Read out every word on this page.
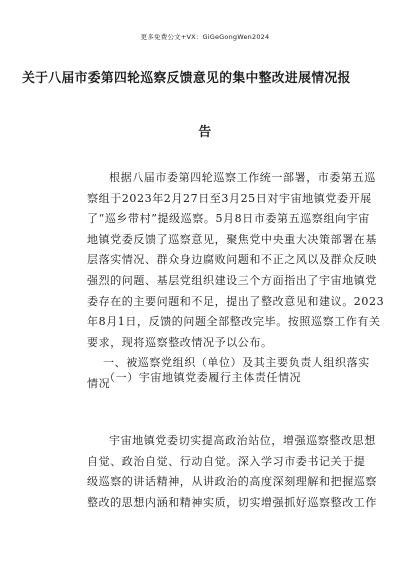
更多免费公文+VX：GiGeGongWen2024
关于八届市委第四轮巡察反馈意见的集中整改进展情况报
告
根据八届市委第四轮巡察工作统一部署，市委第五巡
察组于2023年2月27日至3月25日对宇宙地镇党委开展
了“巡乡带村”提级巡察。5月8日市委第五巡察组向宇宙
地镇党委反馈了巡察意见，聚焦党中央重大决策部署在基
层落实情况、群众身边腐败问题和不正之风以及群众反映
强烈的问题、基层党组织建设三个方面指出了宇宙地镇党
委存在的主要问题和不足，提出了整改意见和建议。2023
年8月1日，反馈的问题全部整改完毕。按照巡察工作有关
要求，现将巡察整改情况予以公布。
一、被巡察党组织（单位）及其主要负责人组织落实
情况
（一）宇宙地镇党委履行主体责任情况
宇宙地镇党委切实提高政治站位，增强巡察整改思想
自觉、政治自觉、行动自觉。深入学习市委书记关于提
级巡察的讲话精神，从讲政治的高度深刻理解和把握巡察
整改的思想内涵和精神实质，切实增强抓好巡察整改工作
